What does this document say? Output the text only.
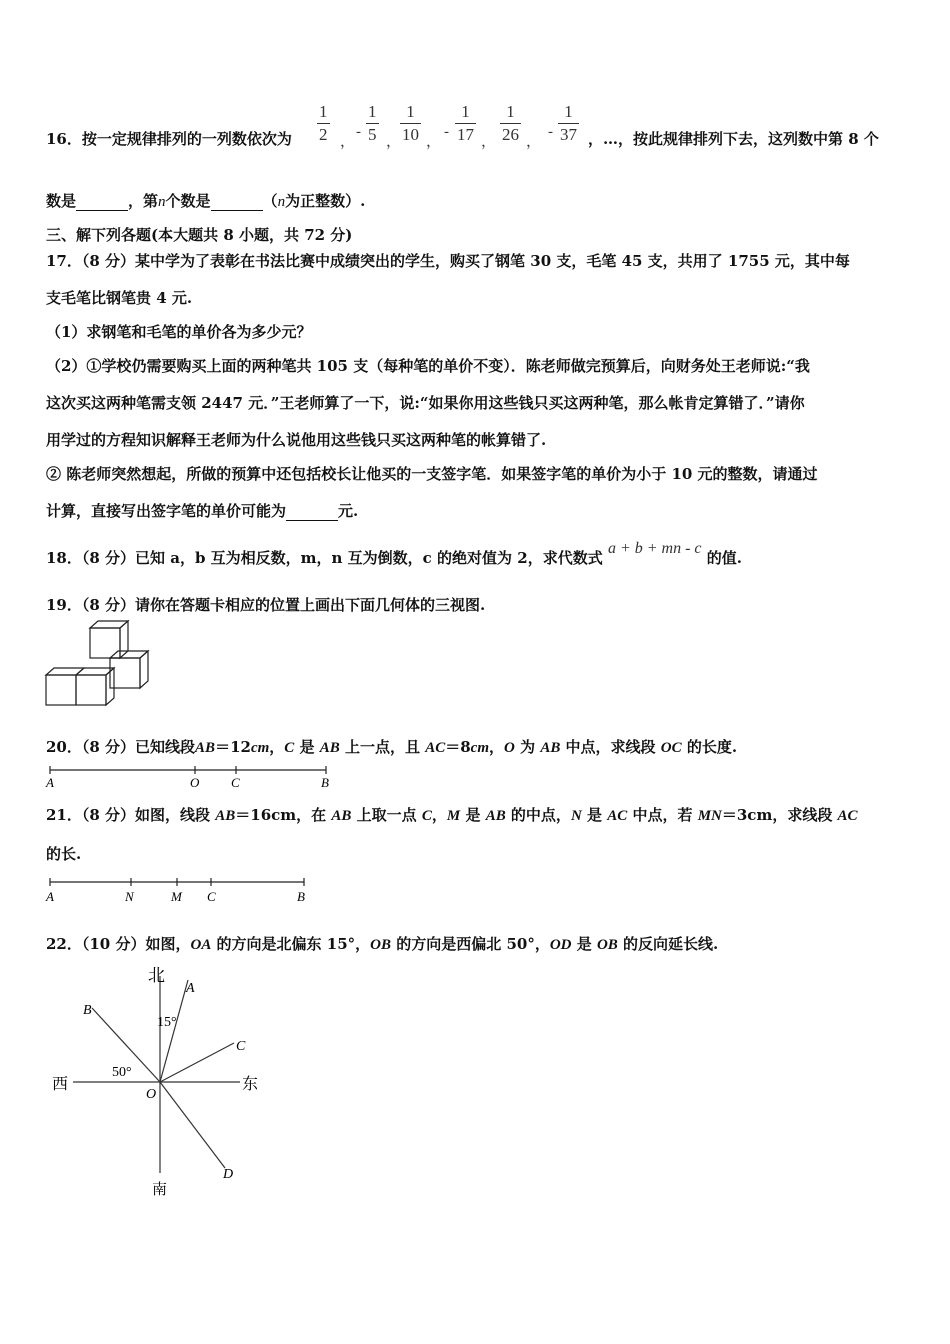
16．按一定规律排列的一列数依次为
1
2 ，
-
1
5 ，
1
10 ，
-
1
17 ，
1
26 ，
-
1
37 ，…，按此规律排列下去，这列数中第 8 个
数是	，第n个数是	（n为正整数）.
三、解下列各题(本大题共 8 小题，共 72 分)
17．（8 分）某中学为了表彰在书法比赛中成绩突出的学生，购买了钢笔 30 支，毛笔 45 支，共用了 1755 元，其中每
支毛笔比钢笔贵 4 元.
（1）求钢笔和毛笔的单价各为多少元？
（2）①学校仍需要购买上面的两种笔共 105 支（每种笔的单价不变）．陈老师做完预算后，向财务处王老师说:“我
这次买这两种笔需支领 2447 元．”王老师算了一下，说:“如果你用这些钱只买这两种笔，那么帐肯定算错了．”请你
用学过的方程知识解释王老师为什么说他用这些钱只买这两种笔的帐算错了.
② 陈老师突然想起，所做的预算中还包括校长让他买的一支签字笔．如果签字笔的单价为小于 10 元的整数，请通过
计算，直接写出签字笔的单价可能为	元.
18．（8 分）已知 a，b 互为相反数，m，n 互为倒数，c 的绝对值为 2，求代数式 a + b + mn - c 的值.
19．（8 分）请你在答题卡相应的位置上画出下面几何体的三视图.
20．（8 分）已知线段AB＝12cm，C 是 AB 上一点，且 AC＝8cm，O 为 AB 中点，求线段 OC 的长度.
A	O C	B
21．（8 分）如图，线段 AB＝16cm，在 AB 上取一点 C，M 是 AB 的中点，N 是 AC 中点，若 MN＝3cm，求线段 AC
的长.
A	N	M C	B
22．（10 分）如图，OA 的方向是北偏东 15°，OB 的方向是西偏北 50°，OD 是 OB 的反向延长线.
北
南
东
西
A
B
C
D
O
15°
50°
